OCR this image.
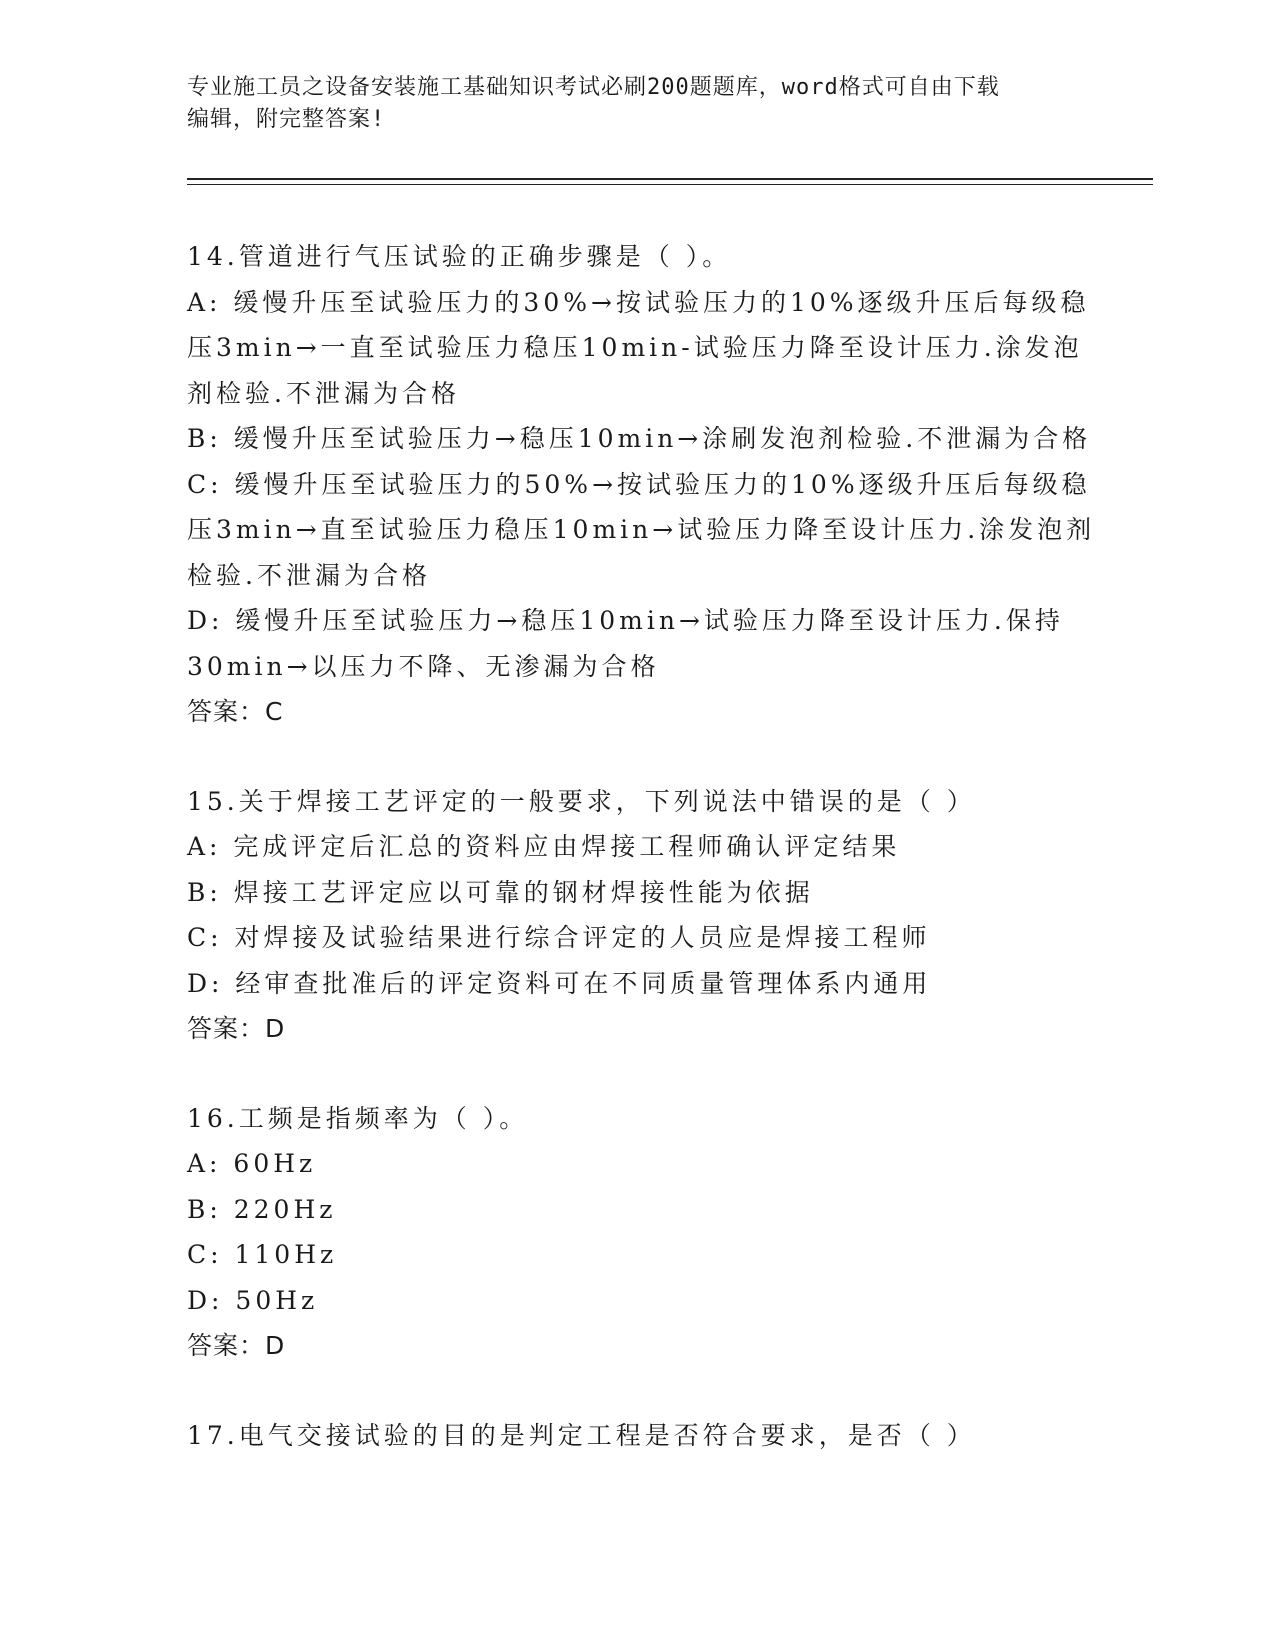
专业施工员之设备安装施工基础知识考试必刷200题题库，word格式可自由下载
编辑，附完整答案!
14.管道进行气压试验的正确步骤是（ ）。
A: 缓慢升压至试验压力的30%→按试验压力的10%逐级升压后每级稳
压3min→一直至试验压力稳压10min-试验压力降至设计压力.涂发泡
剂检验.不泄漏为合格
B: 缓慢升压至试验压力→稳压10min→涂刷发泡剂检验.不泄漏为合格
C: 缓慢升压至试验压力的50%→按试验压力的10%逐级升压后每级稳
压3min→直至试验压力稳压10min→试验压力降至设计压力.涂发泡剂
检验.不泄漏为合格
D: 缓慢升压至试验压力→稳压10min→试验压力降至设计压力.保持
30min→以压力不降、无渗漏为合格
答案：C
15.关于焊接工艺评定的一般要求，下列说法中错误的是（ ）
A: 完成评定后汇总的资料应由焊接工程师确认评定结果
B: 焊接工艺评定应以可靠的钢材焊接性能为依据
C: 对焊接及试验结果进行综合评定的人员应是焊接工程师
D: 经审查批准后的评定资料可在不同质量管理体系内通用
答案：D
16.工频是指频率为（ ）。
A: 60Hz
B: 220Hz
C: 110Hz
D: 50Hz
答案：D
17.电气交接试验的目的是判定工程是否符合要求，是否（ ）
